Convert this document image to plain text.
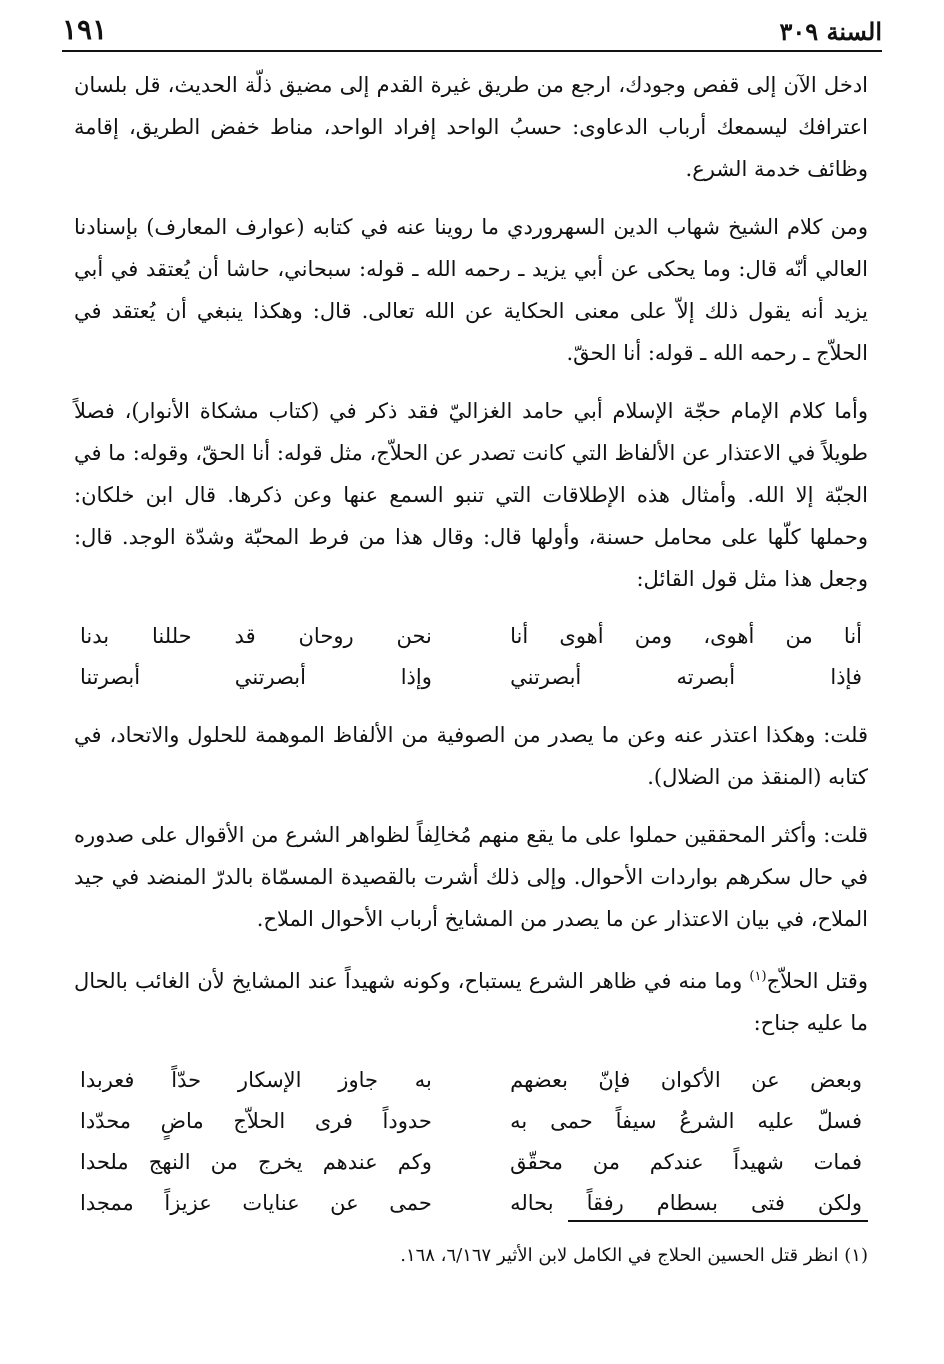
السنة ٣٠٩
١٩١

ادخل الآن إلى قفص وجودك، ارجع من طريق غيرة القدم إلى مضيق ذلّة الحديث، قل بلسان اعترافك ليسمعك أرباب الدعاوى: حسبُ الواحد إفراد الواحد، مناط خفض الطريق، إقامة وظائف خدمة الشرع.

ومن كلام الشيخ شهاب الدين السهروردي ما روينا عنه في كتابه (عوارف المعارف) بإسنادنا العالي أنّه قال: وما يحكى عن أبي يزيد ـ رحمه الله ـ قوله: سبحاني، حاشا أن يُعتقد في أبي يزيد أنه يقول ذلك إلاّ على معنى الحكاية عن الله تعالى. قال: وهكذا ينبغي أن يُعتقد في الحلاّج ـ رحمه الله ـ قوله: أنا الحقّ.

وأما كلام الإمام حجّة الإسلام أبي حامد الغزاليّ فقد ذكر في (كتاب مشكاة الأنوار)، فصلاً طويلاً في الاعتذار عن الألفاظ التي كانت تصدر عن الحلاّج، مثل قوله: أنا الحقّ، وقوله: ما في الجبّة إلا الله. وأمثال هذه الإطلاقات التي تنبو السمع عنها وعن ذكرها. قال ابن خلكان: وحملها كلّها على محامل حسنة، وأولها قال: وقال هذا من فرط المحبّة وشدّة الوجد. قال: وجعل هذا مثل قول القائل:

أنا من أهوى، ومن أهوى أنا
نحن روحان قد حللنا بدنا
فإذا أبصرته أبصرتني
وإذا أبصرتني أبصرتنا

قلت: وهكذا اعتذر عنه وعن ما يصدر من الصوفية من الألفاظ الموهمة للحلول والاتحاد، في كتابه (المنقذ من الضلال).

قلت: وأكثر المحققين حملوا على ما يقع منهم مُخالِفاً لظواهر الشرع من الأقوال على صدوره في حال سكرهم بواردات الأحوال. وإلى ذلك أشرت بالقصيدة المسمّاة بالدرّ المنضد في جيد الملاح، في بيان الاعتذار عن ما يصدر من المشايخ أرباب الأحوال الملاح.

وقتل الحلاّج$^{(١)}$ وما منه في ظاهر الشرع يستباح، وكونه شهيداً عند المشايخ لأن الغائب بالحال ما عليه جناح:

وبعض عن الأكوان فإنّ بعضهم
به جاوز الإسكار حدّاً فعربدا
فسلّ عليه الشرعُ سيفاً حمى به
حدوداً فرى الحلاّج ماضٍ محدّدا
فمات شهيداً عندكم من محقّق
وكم عندهم يخرج من النهج ملحدا
ولكن فتى بسطام رفقاً بحاله
حمى عن عنايات عزيزاً ممجدا
(١) انظر قتل الحسين الحلاج في الكامل لابن الأثير ٦/١٦٧، ١٦٨.
